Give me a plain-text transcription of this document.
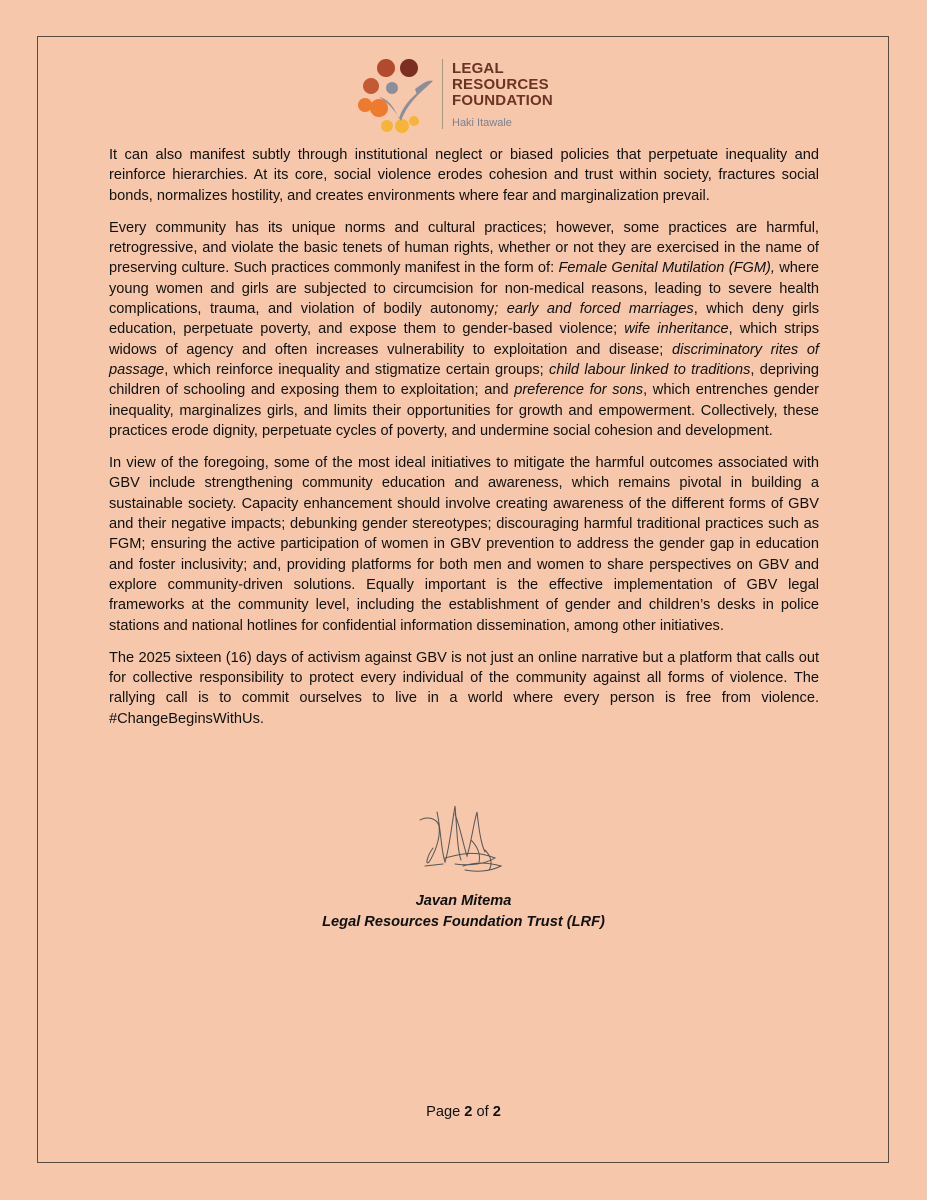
LEGAL
RESOURCES
FOUNDATION
Haki Itawale

It can also manifest subtly through institutional neglect or biased policies that perpetuate inequality and reinforce hierarchies. At its core, social violence erodes cohesion and trust within society, fractures social bonds, normalizes hostility, and creates environments where fear and marginalization prevail.

Every community has its unique norms and cultural practices; however, some practices are harmful, retrogressive, and violate the basic tenets of human rights, whether or not they are exercised in the name of preserving culture. Such practices commonly manifest in the form of: Female Genital Mutilation (FGM), where young women and girls are subjected to circumcision for non-medical reasons, leading to severe health complications, trauma, and violation of bodily autonomy; early and forced marriages, which deny girls education, perpetuate poverty, and expose them to gender-based violence; wife inheritance, which strips widows of agency and often increases vulnerability to exploitation and disease; discriminatory rites of passage, which reinforce inequality and stigmatize certain groups; child labour linked to traditions, depriving children of schooling and exposing them to exploitation; and preference for sons, which entrenches gender inequality, marginalizes girls, and limits their opportunities for growth and empowerment. Collectively, these practices erode dignity, perpetuate cycles of poverty, and undermine social cohesion and development.

In view of the foregoing, some of the most ideal initiatives to mitigate the harmful outcomes associated with GBV include strengthening community education and awareness, which remains pivotal in building a sustainable society. Capacity enhancement should involve creating awareness of the different forms of GBV and their negative impacts; debunking gender stereotypes; discouraging harmful traditional practices such as FGM; ensuring the active participation of women in GBV prevention to address the gender gap in education and foster inclusivity; and, providing platforms for both men and women to share perspectives on GBV and explore community-driven solutions. Equally important is the effective implementation of GBV legal frameworks at the community level, including the establishment of gender and children’s desks in police stations and national hotlines for confidential information dissemination, among other initiatives.

The 2025 sixteen (16) days of activism against GBV is not just an online narrative but a platform that calls out for collective responsibility to protect every individual of the community against all forms of violence. The rallying call is to commit ourselves to live in a world where every person is free from violence. #ChangeBeginsWithUs.

Javan Mitema
Legal Resources Foundation Trust (LRF)
Page 2 of 2
